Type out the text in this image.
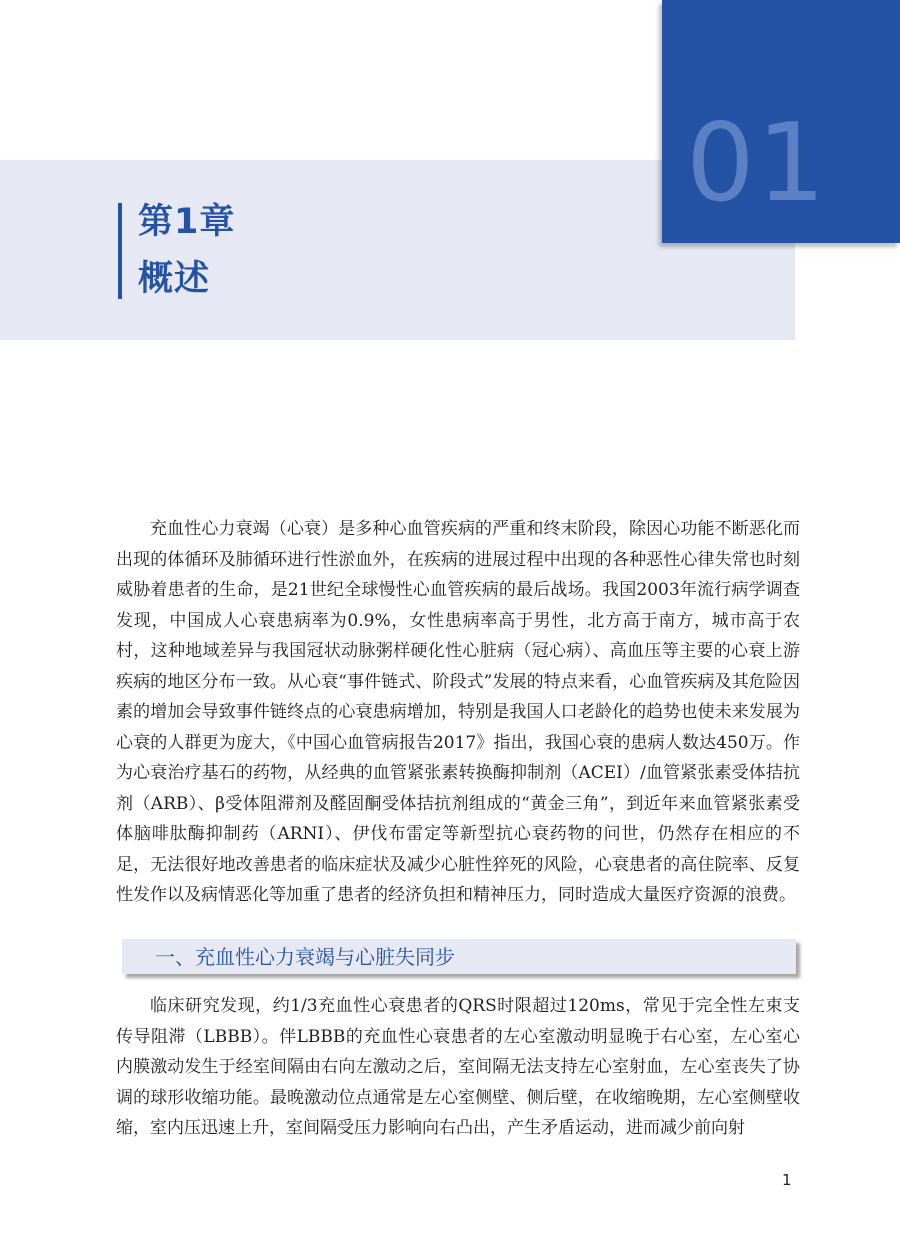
01
第1章
概述

充血性心力衰竭（心衰）是多种心血管疾病的严重和终末阶段，除因心功能不断恶化而出现的体循环及肺循环进行性淤血外，在疾病的进展过程中出现的各种恶性心律失常也时刻威胁着患者的生命，是21世纪全球慢性心血管疾病的最后战场。我国2003年流行病学调查发现，中国成人心衰患病率为0.9%，女性患病率高于男性，北方高于南方，城市高于农村，这种地域差异与我国冠状动脉粥样硬化性心脏病（冠心病）、高血压等主要的心衰上游疾病的地区分布一致。从心衰“事件链式、阶段式”发展的特点来看，心血管疾病及其危险因素的增加会导致事件链终点的心衰患病增加，特别是我国人口老龄化的趋势也使未来发展为心衰的人群更为庞大，《中国心血管病报告2017》指出，我国心衰的患病人数达450万。作为心衰治疗基石的药物，从经典的血管紧张素转换酶抑制剂（ACEI）/血管紧张素受体拮抗剂（ARB）、β受体阻滞剂及醛固酮受体拮抗剂组成的“黄金三角”，到近年来血管紧张素受体脑啡肽酶抑制药（ARNI）、伊伐布雷定等新型抗心衰药物的问世，仍然存在相应的不足，无法很好地改善患者的临床症状及减少心脏性猝死的风险，心衰患者的高住院率、反复性发作以及病情恶化等加重了患者的经济负担和精神压力，同时造成大量医疗资源的浪费。

一、充血性心力衰竭与心脏失同步

临床研究发现，约1/3充血性心衰患者的QRS时限超过120ms，常见于完全性左束支传导阻滞（LBBB）。伴LBBB的充血性心衰患者的左心室激动明显晚于右心室，左心室心内膜激动发生于经室间隔由右向左激动之后，室间隔无法支持左心室射血，左心室丧失了协调的球形收缩功能。最晚激动位点通常是左心室侧壁、侧后壁，在收缩晚期，左心室侧壁收缩，室内压迅速上升，室间隔受压力影响向右凸出，产生矛盾运动，进而减少前向射

1
